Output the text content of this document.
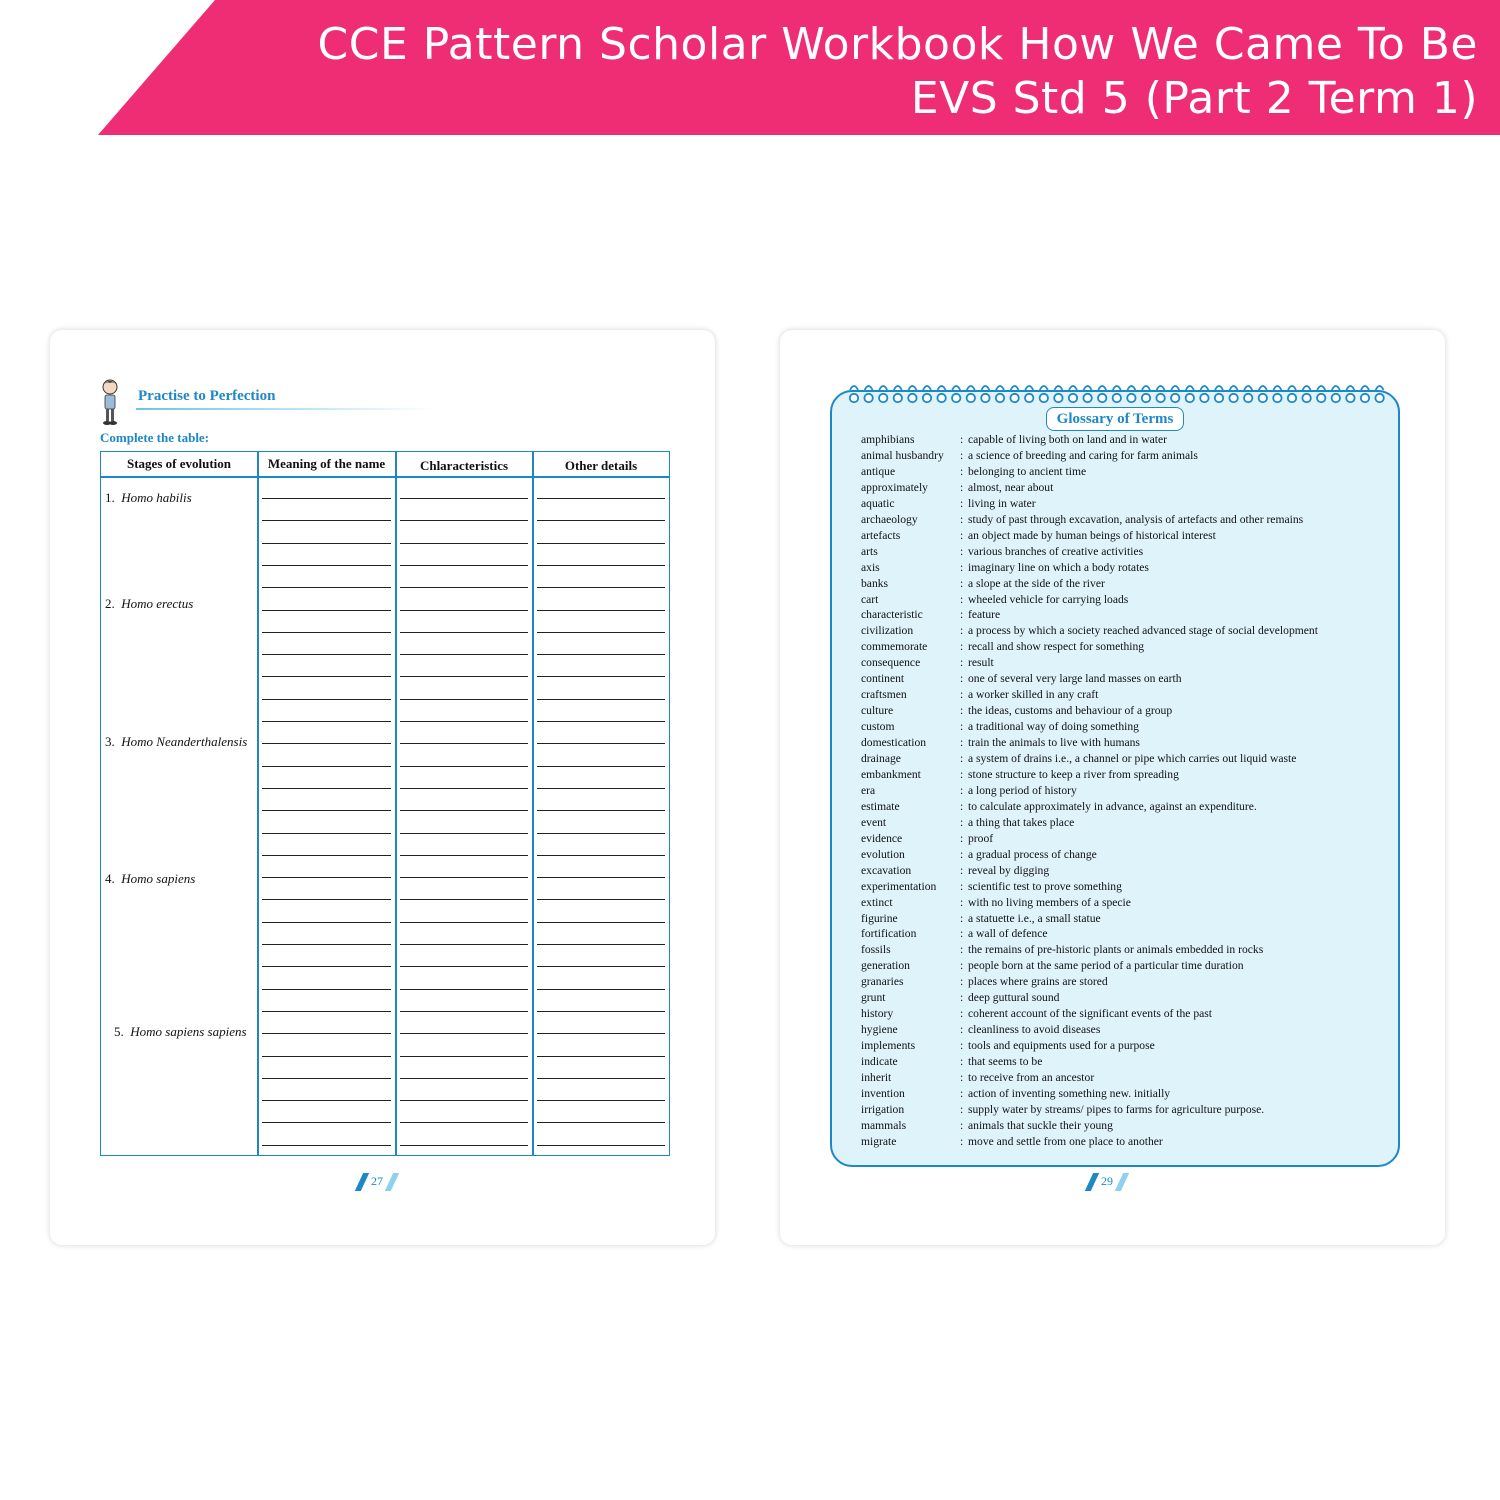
CCE Pattern Scholar Workbook How We Came To Be
EVS Std 5 (Part 2 Term 1)
Practise to Perfection
Complete the table:
Stages of evolution	Meaning of the name	Chlaracteristics	Other details
1. Homo habilis
2. Homo erectus
3. Homo Neanderthalensis
4. Homo sapiens
5. Homo sapiens sapiens
27
Glossary of Terms
amphibians	: capable of living both on land and in water
animal husbandry	: a science of breeding and caring for farm animals
antique	: belonging to ancient time
approximately	: almost, near about
aquatic	: living in water
archaeology	: study of past through excavation, analysis of artefacts and other remains
artefacts	: an object made by human beings of historical interest
arts	: various branches of creative activities
axis	: imaginary line on which a body rotates
banks	: a slope at the side of the river
cart	: wheeled vehicle for carrying loads
characteristic	: feature
civilization	: a process by which a society reached advanced stage of social development
commemorate	: recall and show respect for something
consequence	: result
continent	: one of several very large land masses on earth
craftsmen	: a worker skilled in any craft
culture	: the ideas, customs and behaviour of a group
custom	: a traditional way of doing something
domestication	: train the animals to live with humans
drainage	: a system of drains i.e., a channel or pipe which carries out liquid waste
embankment	: stone structure to keep a river from spreading
era	: a long period of history
estimate	: to calculate approximately in advance, against an expenditure.
event	: a thing that takes place
evidence	: proof
evolution	: a gradual process of change
excavation	: reveal by digging
experimentation	: scientific test to prove something
extinct	: with no living members of a specie
figurine	: a statuette i.e., a small statue
fortification	: a wall of defence
fossils	: the remains of pre-historic plants or animals embedded in rocks
generation	: people born at the same period of a particular time duration
granaries	: places where grains are stored
grunt	: deep guttural sound
history	: coherent account of the significant events of the past
hygiene	: cleanliness to avoid diseases
implements	: tools and equipments used for a purpose
indicate	: that seems to be
inherit	: to receive from an ancestor
invention	: action of inventing something new. initially
irrigation	: supply water by streams/ pipes to farms for agriculture purpose.
mammals	: animals that suckle their young
migrate	: move and settle from one place to another
29
